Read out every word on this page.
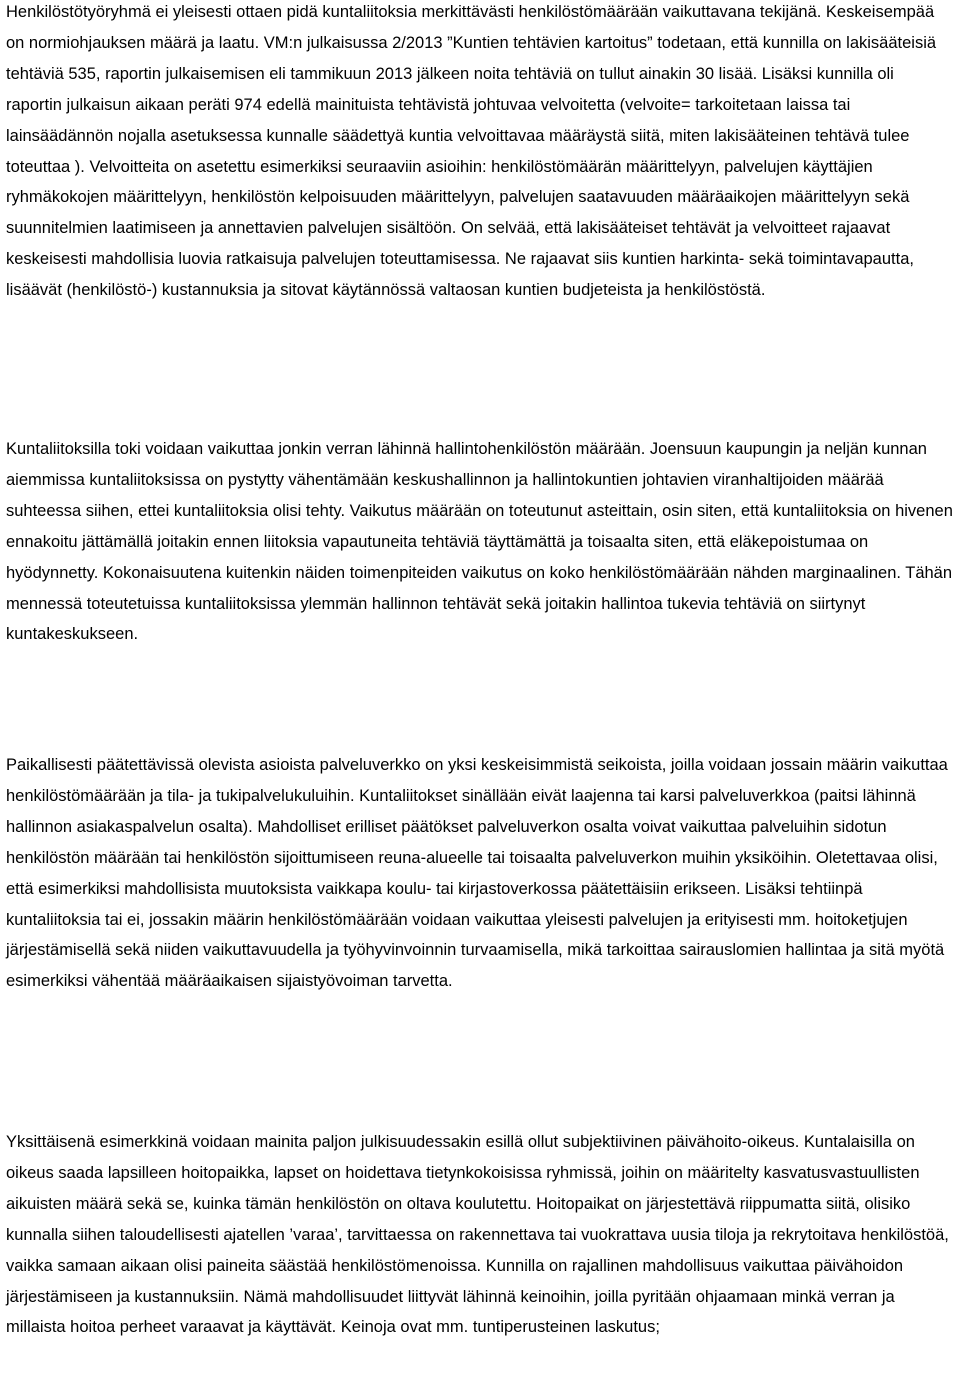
Henkilöstötyöryhmä ei yleisesti ottaen pidä kuntaliitoksia merkittävästi henkilöstömäärään vaikuttavana tekijänä. Keskeisempää on normiohjauksen määrä ja laatu. VM:n julkaisussa 2/2013 ”Kuntien tehtävien kartoitus” todetaan, että kunnilla on lakisääteisiä tehtäviä 535, raportin julkaisemisen eli tammikuun 2013 jälkeen noita tehtäviä on tullut ainakin 30 lisää. Lisäksi kunnilla oli raportin julkaisun aikaan peräti 974 edellä mainituista tehtävistä johtuvaa velvoitetta (velvoite= tarkoitetaan laissa tai lainsäädännön nojalla asetuksessa kunnalle säädettyä kuntia velvoittavaa määräystä siitä, miten lakisääteinen tehtävä tulee toteuttaa ). Velvoitteita on asetettu esimerkiksi seuraaviin asioihin: henkilöstömäärän määrittelyyn, palvelujen käyttäjien ryhmäkokojen määrittelyyn, henkilöstön kelpoisuuden määrittelyyn, palvelujen saatavuuden määräaikojen määrittelyyn sekä suunnitelmien laatimiseen ja annettavien palvelujen sisältöön. On selvää, että lakisääteiset tehtävät ja velvoitteet rajaavat keskeisesti mahdollisia luovia ratkaisuja palvelujen toteuttamisessa. Ne rajaavat siis kuntien harkinta- sekä toimintavapautta, lisäävät (henkilöstö-) kustannuksia ja sitovat käytännössä valtaosan kuntien budjeteista ja henkilöstöstä.

Kuntaliitoksilla toki voidaan vaikuttaa jonkin verran lähinnä hallintohenkilöstön määrään. Joensuun kaupungin ja neljän kunnan aiemmissa kuntaliitoksissa on pystytty vähentämään keskushallinnon ja hallintokuntien johtavien viranhaltijoiden määrää suhteessa siihen, ettei kuntaliitoksia olisi tehty. Vaikutus määrään on toteutunut asteittain, osin siten, että kuntaliitoksia on hivenen ennakoitu jättämällä joitakin ennen liitoksia vapautuneita tehtäviä täyttämättä ja toisaalta siten, että eläkepoistumaa on hyödynnetty. Kokonaisuutena kuitenkin näiden toimenpiteiden vaikutus on koko henkilöstömäärään nähden marginaalinen. Tähän mennessä toteutetuissa kuntaliitoksissa ylemmän hallinnon tehtävät sekä joitakin hallintoa tukevia tehtäviä on siirtynyt kuntakeskukseen.

Paikallisesti päätettävissä olevista asioista palveluverkko on yksi keskeisimmistä seikoista, joilla voidaan jossain määrin vaikuttaa henkilöstömäärään ja tila- ja tukipalvelukuluihin. Kuntaliitokset sinällään eivät laajenna tai karsi palveluverkkoa (paitsi lähinnä hallinnon asiakaspalvelun osalta). Mahdolliset erilliset päätökset palveluverkon osalta voivat vaikuttaa palveluihin sidotun henkilöstön määrään tai henkilöstön sijoittumiseen reuna-alueelle tai toisaalta palveluverkon muihin yksiköihin. Oletettavaa olisi, että esimerkiksi mahdollisista muutoksista vaikkapa koulu- tai kirjastoverkossa päätettäisiin erikseen. Lisäksi tehtiinpä kuntaliitoksia tai ei, jossakin määrin henkilöstömäärään voidaan vaikuttaa yleisesti palvelujen ja erityisesti mm. hoitoketjujen järjestämisellä sekä niiden vaikuttavuudella ja työhyvinvoinnin turvaamisella, mikä tarkoittaa sairauslomien hallintaa ja sitä myötä esimerkiksi vähentää määräaikaisen sijaistyövoiman tarvetta.

Yksittäisenä esimerkkinä voidaan mainita paljon julkisuudessakin esillä ollut subjektiivinen päivähoito-oikeus. Kuntalaisilla on oikeus saada lapsilleen hoitopaikka, lapset on hoidettava tietynkokoisissa ryhmissä, joihin on määritelty kasvatusvastuullisten aikuisten määrä sekä se, kuinka tämän henkilöstön on oltava koulutettu. Hoitopaikat on järjestettävä riippumatta siitä, olisiko kunnalla siihen taloudellisesti ajatellen ’varaa’, tarvittaessa on rakennettava tai vuokrattava uusia tiloja ja rekrytoitava henkilöstöä, vaikka samaan aikaan olisi paineita säästää henkilöstömenoissa. Kunnilla on rajallinen mahdollisuus vaikuttaa päivähoidon järjestämiseen ja kustannuksiin. Nämä mahdollisuudet liittyvät lähinnä keinoihin, joilla pyritään ohjaamaan minkä verran ja millaista hoitoa perheet varaavat ja käyttävät. Keinoja ovat mm. tuntiperusteinen laskutus;
